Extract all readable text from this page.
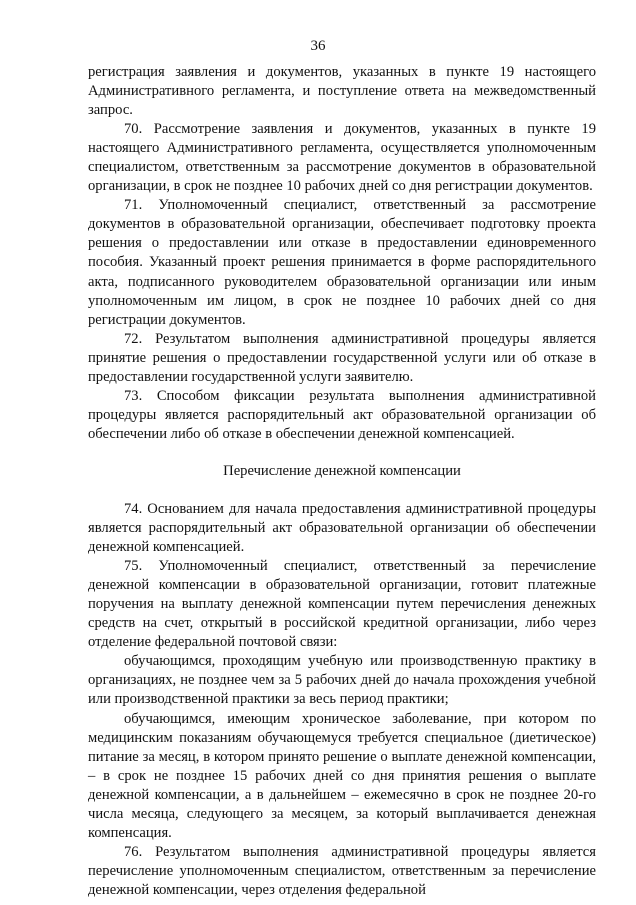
36

регистрация заявления и документов, указанных в пункте 19 настоящего Административного регламента, и поступление ответа на межведомственный запрос.

70. Рассмотрение заявления и документов, указанных в пункте 19 настоящего Административного регламента, осуществляется уполномоченным специалистом, ответственным за рассмотрение документов в образовательной организации, в срок не позднее 10 рабочих дней со дня регистрации документов.

71. Уполномоченный специалист, ответственный за рассмотрение документов в образовательной организации, обеспечивает подготовку проекта решения о предоставлении или отказе в предоставлении единовременного пособия. Указанный проект решения принимается в форме распорядительного акта, подписанного руководителем образовательной организации или иным уполномоченным им лицом, в срок не позднее 10 рабочих дней со дня регистрации документов.

72. Результатом выполнения административной процедуры является принятие решения о предоставлении государственной услуги или об отказе в предоставлении государственной услуги заявителю.

73. Способом фиксации результата выполнения административной процедуры является распорядительный акт образовательной организации об обеспечении либо об отказе в обеспечении денежной компенсацией.

Перечисление денежной компенсации

74. Основанием для начала предоставления административной процедуры является распорядительный акт образовательной организации об обеспечении денежной компенсацией.

75. Уполномоченный специалист, ответственный за перечисление денежной компенсации в образовательной организации, готовит платежные поручения на выплату денежной компенсации путем перечисления денежных средств на счет, открытый в российской кредитной организации, либо через отделение федеральной почтовой связи:

обучающимся, проходящим учебную или производственную практику в организациях, не позднее чем за 5 рабочих дней до начала прохождения учебной или производственной практики за весь период практики;

обучающимся, имеющим хроническое заболевание, при котором по медицинским показаниям обучающемуся требуется специальное (диетическое) питание за месяц, в котором принято решение о выплате денежной компенсации, – в срок не позднее 15 рабочих дней со дня принятия решения о выплате денежной компенсации, а в дальнейшем – ежемесячно в срок не позднее 20-го числа месяца, следующего за месяцем, за который выплачивается денежная компенсация.

76. Результатом выполнения административной процедуры является перечисление уполномоченным специалистом, ответственным за перечисление денежной компенсации, через отделения федеральной
